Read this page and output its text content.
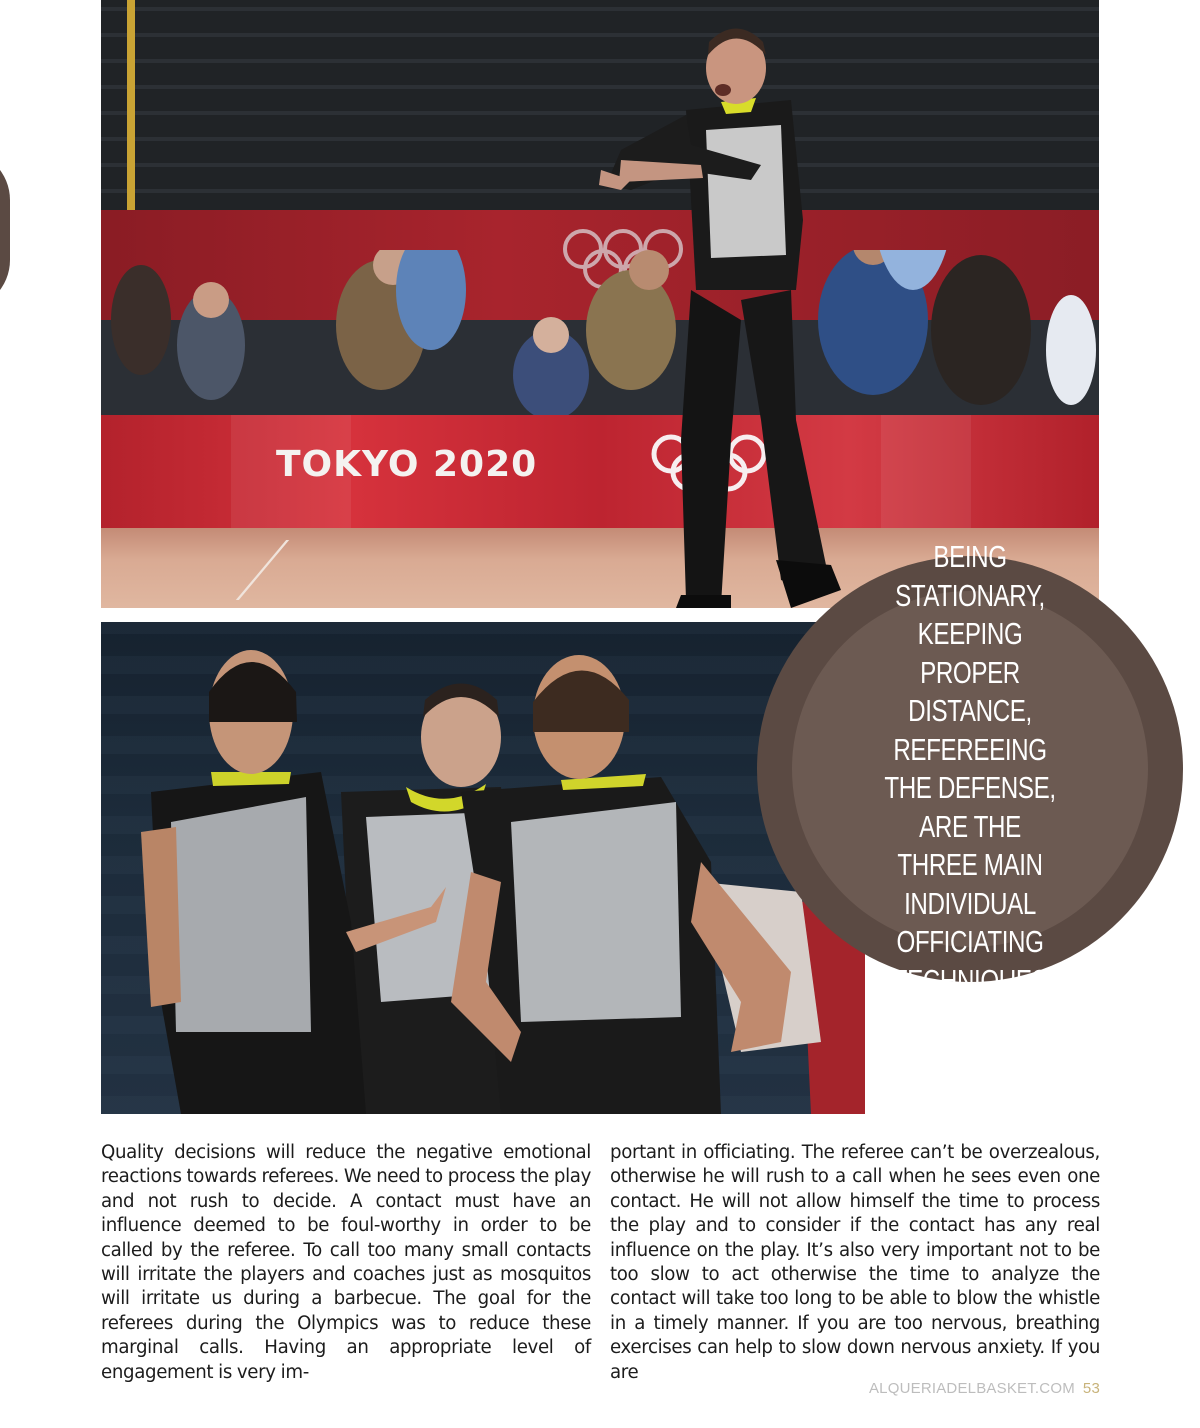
TOKYO 2020
BEING
STATIONARY,
KEEPING PROPER
DISTANCE, REFEREEING
THE DEFENSE, ARE THE
THREE MAIN INDIVIDUAL
OFFICIATING
TECHNIQUES

Quality decisions will reduce the negative emotional reactions towards referees. We need to process the play and not rush to decide. A contact must have an influence deemed to be foul-worthy in order to be called by the referee. To call too many small contacts will irritate the players and coaches just as mosquitos will irritate us during a barbecue. The goal for the referees during the Olympics was to reduce these marginal calls. Having an appropriate level of engagement is very im-

portant in officiating. The referee can’t be overzealous, otherwise he will rush to a call when he sees even one contact. He will not allow himself the time to process the play and to consider if the contact has any real influence on the play. It’s also very important not to be too slow to act otherwise the time to analyze the contact will take too long to be able to blow the whistle in a timely manner. If you are too nervous, breathing exercises can help to slow down nervous anxiety. If you are

ALQUERIADELBASKET.COM 53
